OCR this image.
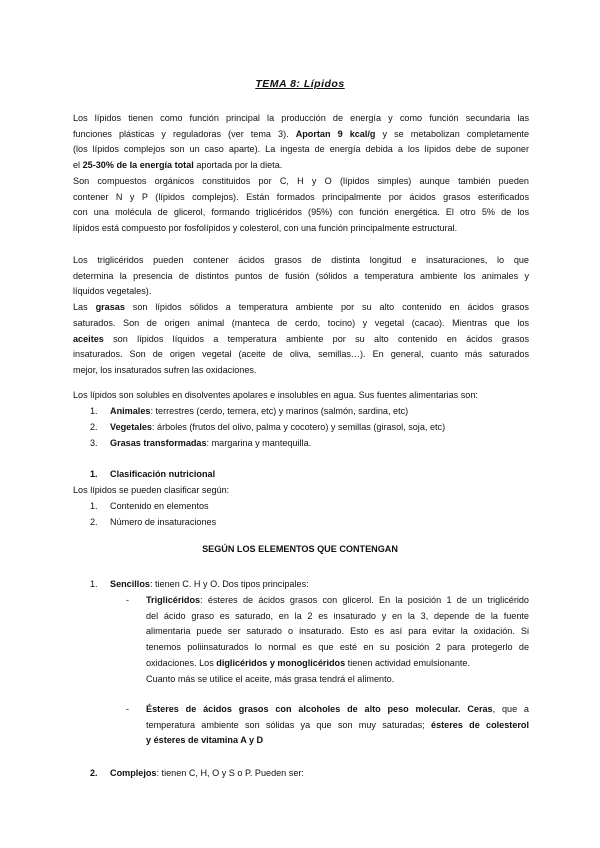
TEMA 8: Lípidos
Los lípidos tienen como función principal la producción de energía y como función secundaria las
funciones plásticas y reguladoras (ver tema 3). Aportan 9 kcal/g y se metabolizan completamente
(los lípidos complejos son un caso aparte). La ingesta de energía debida a los lípidos debe de suponer
el 25-30% de la energía total aportada por la dieta.
Son compuestos orgánicos constituidos por C, H y O (lípidos simples) aunque también pueden
contener N y P (lípidos complejos). Están formados principalmente por ácidos grasos esterificados
con una molécula de glicerol, formando triglicéridos (95%) con función energética. El otro 5% de los
lípidos está compuesto por fosfolípidos y colesterol, con una función principalmente estructural.
Los triglicéridos pueden contener ácidos grasos de distinta longitud e insaturaciones, lo que
determina la presencia de distintos puntos de fusión (sólidos a temperatura ambiente los animales y
líquidos vegetales).
Las grasas son lípidos sólidos a temperatura ambiente por su alto contenido en ácidos grasos
saturados. Son de origen animal (manteca de cerdo, tocino) y vegetal (cacao). Mientras que los
aceites son lípidos líquidos a temperatura ambiente por su alto contenido en ácidos grasos
insaturados. Son de origen vegetal (aceite de oliva, semillas…). En general, cuanto más saturados
mejor, los insaturados sufren las oxidaciones.
Los lípidos son solubles en disolventes apolares e insolubles en agua. Sus fuentes alimentarias son:
1.	Animales: terrestres (cerdo, ternera, etc) y marinos (salmón, sardina, etc)
2.	Vegetales: árboles (frutos del olivo, palma y cocotero) y semillas (girasol, soja, etc)
3.	Grasas transformadas: margarina y mantequilla.
1.	Clasificación nutricional
Los lípidos se pueden clasificar según:
1.	Contenido en elementos
2.	Número de insaturaciones
SEGÚN LOS ELEMENTOS QUE CONTENGAN
1.	Sencillos: tienen C. H y O. Dos tipos principales:
- Triglicéridos: ésteres de ácidos grasos con glicerol. En la posición 1 de un triglicérido
del ácido graso es saturado, en la 2 es insaturado y en la 3, depende de la fuente
alimentaria puede ser saturado o insaturado. Esto es así para evitar la oxidación. Si
tenemos poliinsaturados lo normal es que esté en su posición 2 para protegerlo de
oxidaciones. Los diglicéridos y monoglicéridos tienen actividad emulsionante.
Cuanto más se utilice el aceite, más grasa tendrá el alimento.
- Ésteres de ácidos grasos con alcoholes de alto peso molecular. Ceras, que a
temperatura ambiente son sólidas ya que son muy saturadas; ésteres de colesterol
y ésteres de vitamina A y D
2.	Complejos: tienen C, H, O y S o P. Pueden ser:
